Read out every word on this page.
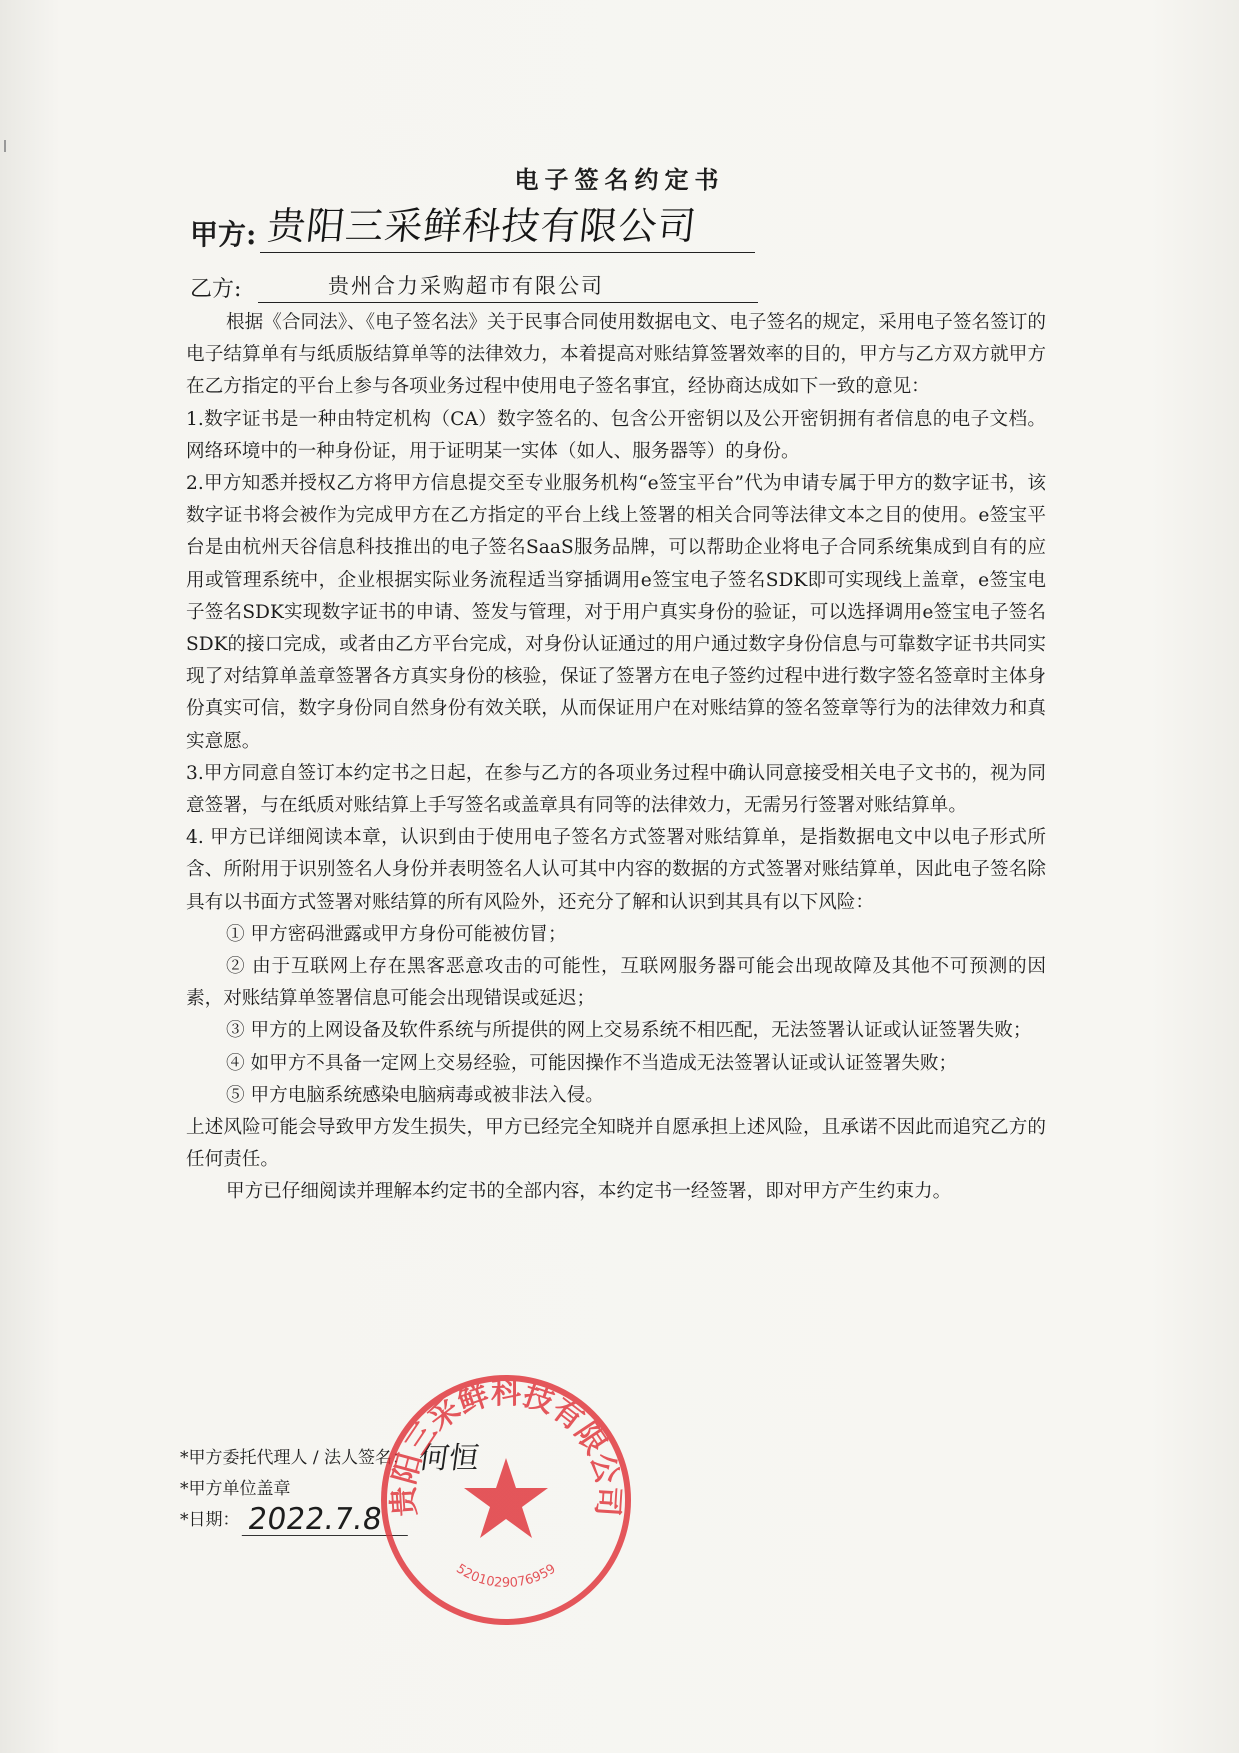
电子签名约定书
甲方: 贵阳三采鲜科技有限公司
乙方:	贵州合力采购超市有限公司

根据《合同法》、《电子签名法》关于民事合同使用数据电文、电子签名的规定，采用电子签名签订的电子结算单有与纸质版结算单等的法律效力，本着提高对账结算签署效率的目的，甲方与乙方双方就甲方在乙方指定的平台上参与各项业务过程中使用电子签名事宜，经协商达成如下一致的意见：

1.数字证书是一种由特定机构（CA）数字签名的、包含公开密钥以及公开密钥拥有者信息的电子文档。网络环境中的一种身份证，用于证明某一实体（如人、服务器等）的身份。

2.甲方知悉并授权乙方将甲方信息提交至专业服务机构“e签宝平台”代为申请专属于甲方的数字证书，该数字证书将会被作为完成甲方在乙方指定的平台上线上签署的相关合同等法律文本之目的使用。e签宝平台是由杭州天谷信息科技推出的电子签名SaaS服务品牌，可以帮助企业将电子合同系统集成到自有的应用或管理系统中，企业根据实际业务流程适当穿插调用e签宝电子签名SDK即可实现线上盖章，e签宝电子签名SDK实现数字证书的申请、签发与管理，对于用户真实身份的验证，可以选择调用e签宝电子签名SDK的接口完成，或者由乙方平台完成，对身份认证通过的用户通过数字身份信息与可靠数字证书共同实现了对结算单盖章签署各方真实身份的核验，保证了签署方在电子签约过程中进行数字签名签章时主体身份真实可信，数字身份同自然身份有效关联，从而保证用户在对账结算的签名签章等行为的法律效力和真实意愿。

3.甲方同意自签订本约定书之日起，在参与乙方的各项业务过程中确认同意接受相关电子文书的，视为同意签署，与在纸质对账结算上手写签名或盖章具有同等的法律效力，无需另行签署对账结算单。

4. 甲方已详细阅读本章，认识到由于使用电子签名方式签署对账结算单，是指数据电文中以电子形式所含、所附用于识别签名人身份并表明签名人认可其中内容的数据的方式签署对账结算单，因此电子签名除具有以书面方式签署对账结算的所有风险外，还充分了解和认识到其具有以下风险：

① 甲方密码泄露或甲方身份可能被仿冒；

② 由于互联网上存在黑客恶意攻击的可能性，互联网服务器可能会出现故障及其他不可预测的因素，对账结算单签署信息可能会出现错误或延迟；

③ 甲方的上网设备及软件系统与所提供的网上交易系统不相匹配，无法签署认证或认证签署失败；

④ 如甲方不具备一定网上交易经验，可能因操作不当造成无法签署认证或认证签署失败；

⑤ 甲方电脑系统感染电脑病毒或被非法入侵。

上述风险可能会导致甲方发生损失，甲方已经完全知晓并自愿承担上述风险，且承诺不因此而追究乙方的任何责任。

甲方已仔细阅读并理解本约定书的全部内容，本约定书一经签署，即对甲方产生约束力。

*甲方委托代理人 / 法人签名： 何恒
*甲方单位盖章
*日期： 2022.7.8
贵阳三采鲜科技有限公司
5201029076959
